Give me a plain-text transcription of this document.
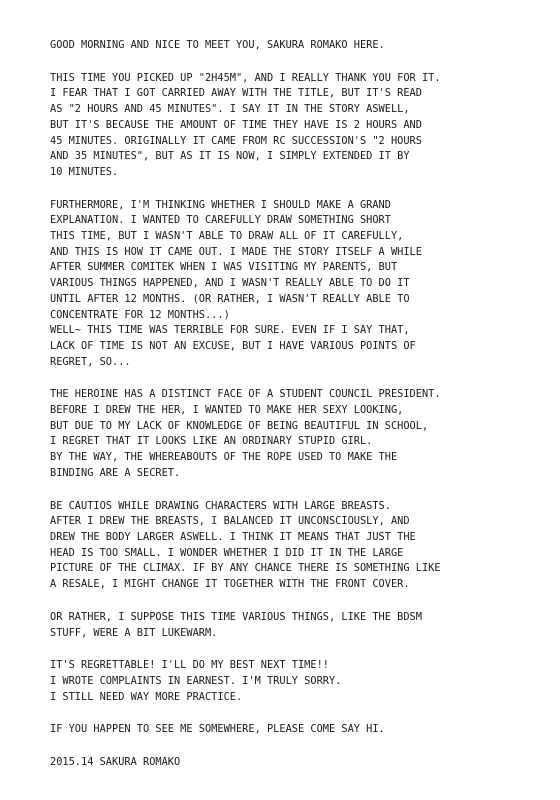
GOOD MORNING AND NICE TO MEET YOU, SAKURA ROMAKO HERE.

THIS TIME YOU PICKED UP "2H45M", AND I REALLY THANK YOU FOR IT.
I FEAR THAT I GOT CARRIED AWAY WITH THE TITLE, BUT IT'S READ
AS "2 HOURS AND 45 MINUTES". I SAY IT IN THE STORY ASWELL,
BUT IT'S BECAUSE THE AMOUNT OF TIME THEY HAVE IS 2 HOURS AND
45 MINUTES. ORIGINALLY IT CAME FROM RC SUCCESSION'S "2 HOURS
AND 35 MINUTES", BUT AS IT IS NOW, I SIMPLY EXTENDED IT BY
10 MINUTES.

FURTHERMORE, I'M THINKING WHETHER I SHOULD MAKE A GRAND
EXPLANATION. I WANTED TO CAREFULLY DRAW SOMETHING SHORT
THIS TIME, BUT I WASN'T ABLE TO DRAW ALL OF IT CAREFULLY,
AND THIS IS HOW IT CAME OUT. I MADE THE STORY ITSELF A WHILE
AFTER SUMMER COMITEK WHEN I WAS VISITING MY PARENTS, BUT
VARIOUS THINGS HAPPENED, AND I WASN'T REALLY ABLE TO DO IT
UNTIL AFTER 12 MONTHS. (OR RATHER, I WASN'T REALLY ABLE TO
CONCENTRATE FOR 12 MONTHS...)
WELL~ THIS TIME WAS TERRIBLE FOR SURE. EVEN IF I SAY THAT,
LACK OF TIME IS NOT AN EXCUSE, BUT I HAVE VARIOUS POINTS OF
REGRET, SO...

THE HEROINE HAS A DISTINCT FACE OF A STUDENT COUNCIL PRESIDENT.
BEFORE I DREW THE HER, I WANTED TO MAKE HER SEXY LOOKING,
BUT DUE TO MY LACK OF KNOWLEDGE OF BEING BEAUTIFUL IN SCHOOL,
I REGRET THAT IT LOOKS LIKE AN ORDINARY STUPID GIRL.
BY THE WAY, THE WHEREABOUTS OF THE ROPE USED TO MAKE THE
BINDING ARE A SECRET.

BE CAUTIOS WHILE DRAWING CHARACTERS WITH LARGE BREASTS.
AFTER I DREW THE BREASTS, I BALANCED IT UNCONSCIOUSLY, AND
DREW THE BODY LARGER ASWELL. I THINK IT MEANS THAT JUST THE
HEAD IS TOO SMALL. I WONDER WHETHER I DID IT IN THE LARGE
PICTURE OF THE CLIMAX. IF BY ANY CHANCE THERE IS SOMETHING LIKE
A RESALE, I MIGHT CHANGE IT TOGETHER WITH THE FRONT COVER.

OR RATHER, I SUPPOSE THIS TIME VARIOUS THINGS, LIKE THE BDSM
STUFF, WERE A BIT LUKEWARM.

IT'S REGRETTABLE! I'LL DO MY BEST NEXT TIME!!
I WROTE COMPLAINTS IN EARNEST. I'M TRULY SORRY.
I STILL NEED WAY MORE PRACTICE.

IF YOU HAPPEN TO SEE ME SOMEWHERE, PLEASE COME SAY HI.

2015.14 SAKURA ROMAKO
